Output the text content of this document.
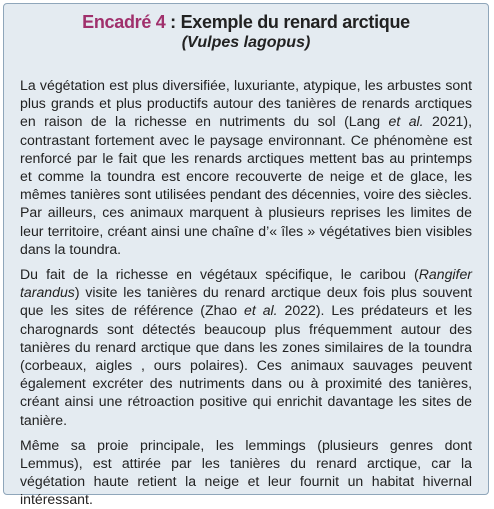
Encadré 4 : Exemple du renard arctique

(Vulpes lagopus)

La végétation est plus diversifiée, luxuriante, atypique, les arbustes sont plus grands et plus productifs autour des tanières de renards arctiques en raison de la richesse en nutriments du sol (Lang et al. 2021), contrastant fortement avec le paysage environnant. Ce phénomène est renforcé par le fait que les renards arctiques mettent bas au printemps et comme la toundra est encore recouverte de neige et de glace, les mêmes tanières sont utilisées pendant des décennies, voire des siècles. Par ailleurs, ces animaux marquent à plusieurs reprises les limites de leur territoire, créant ainsi une chaîne d’« îles » végétatives bien visibles dans la toundra.

Du fait de la richesse en végétaux spécifique, le caribou (Rangifer tarandus) visite les tanières du renard arctique deux fois plus souvent que les sites de référence (Zhao et al. 2022). Les prédateurs et les charognards sont détectés beaucoup plus fréquemment autour des tanières du renard arctique que dans les zones similaires de la toundra (corbeaux, aigles , ours polaires). Ces animaux sauvages peuvent également excréter des nutriments dans ou à proximité des tanières, créant ainsi une rétroaction positive qui enrichit davantage les sites de tanière.

Même sa proie principale, les lemmings (plusieurs genres dont Lemmus), est attirée par les tanières du renard arctique, car la végétation haute retient la neige et leur fournit un habitat hivernal intéressant.
